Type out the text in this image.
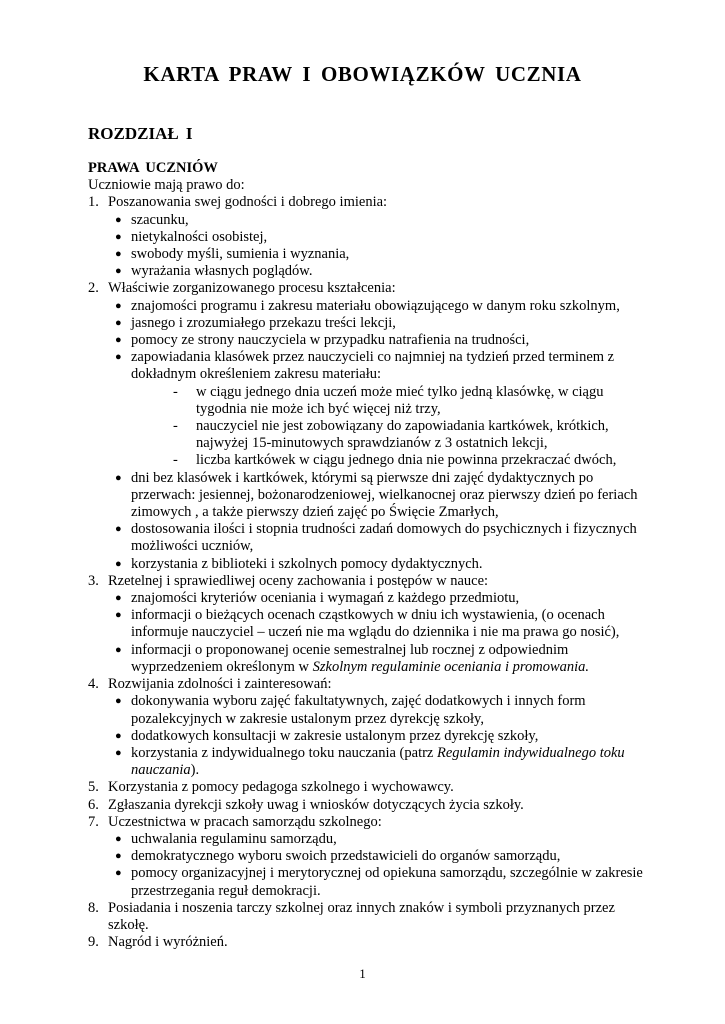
KARTA PRAW I OBOWIĄZKÓW UCZNIA
ROZDZIAŁ I

PRAWA UCZNIÓW

Uczniowie mają prawo do:

1. Poszanowania swej godności i dobrego imienia:

● szacunku,

● nietykalności osobistej,

● swobody myśli, sumienia i wyznania,

● wyrażania własnych poglądów.

2. Właściwie zorganizowanego procesu kształcenia:

● znajomości programu i zakresu materiału obowiązującego w danym roku szkolnym,

● jasnego i zrozumiałego przekazu treści lekcji,

● pomocy ze strony nauczyciela w przypadku natrafienia na trudności,

● zapowiadania klasówek przez nauczycieli co najmniej na tydzień przed terminem z dokładnym określeniem zakresu materiału:

- w ciągu jednego dnia uczeń może mieć tylko jedną klasówkę, w ciągu tygodnia nie może ich być więcej niż trzy,

- nauczyciel nie jest zobowiązany do zapowiadania kartkówek, krótkich, najwyżej 15-minutowych sprawdzianów z 3 ostatnich lekcji,

- liczba kartkówek w ciągu jednego dnia nie powinna przekraczać dwóch,

● dni bez klasówek i kartkówek, którymi są pierwsze dni zajęć dydaktycznych po przerwach: jesiennej, bożonarodzeniowej, wielkanocnej oraz pierwszy dzień po feriach zimowych , a także pierwszy dzień zajęć po Święcie Zmarłych,

● dostosowania ilości i stopnia trudności zadań domowych do psychicznych i fizycznych możliwości uczniów,

● korzystania z biblioteki i szkolnych pomocy dydaktycznych.

3. Rzetelnej i sprawiedliwej oceny zachowania i postępów w nauce:

● znajomości kryteriów oceniania i wymagań z każdego przedmiotu,

● informacji o bieżących ocenach cząstkowych w dniu ich wystawienia, (o ocenach informuje nauczyciel – uczeń nie ma wglądu do dziennika i nie ma prawa go nosić),

● informacji o proponowanej ocenie semestralnej lub rocznej z odpowiednim wyprzedzeniem określonym w Szkolnym regulaminie oceniania i promowania.

4. Rozwijania zdolności i zainteresowań:

● dokonywania wyboru zajęć fakultatywnych, zajęć dodatkowych i innych form pozalekcyjnych w zakresie ustalonym przez dyrekcję szkoły,

● dodatkowych konsultacji w zakresie ustalonym przez dyrekcję szkoły,

● korzystania z indywidualnego toku nauczania (patrz Regulamin indywidualnego toku nauczania).

5. Korzystania z pomocy pedagoga szkolnego i wychowawcy.

6. Zgłaszania dyrekcji szkoły uwag i wniosków dotyczących życia szkoły.

7. Uczestnictwa w pracach samorządu szkolnego:

● uchwalania regulaminu samorządu,

● demokratycznego wyboru swoich przedstawicieli do organów samorządu,

● pomocy organizacyjnej i merytorycznej od opiekuna samorządu, szczególnie w zakresie przestrzegania reguł demokracji.

8. Posiadania i noszenia tarczy szkolnej oraz innych znaków i symboli przyznanych przez szkołę.

9. Nagród i wyróżnień.

1
